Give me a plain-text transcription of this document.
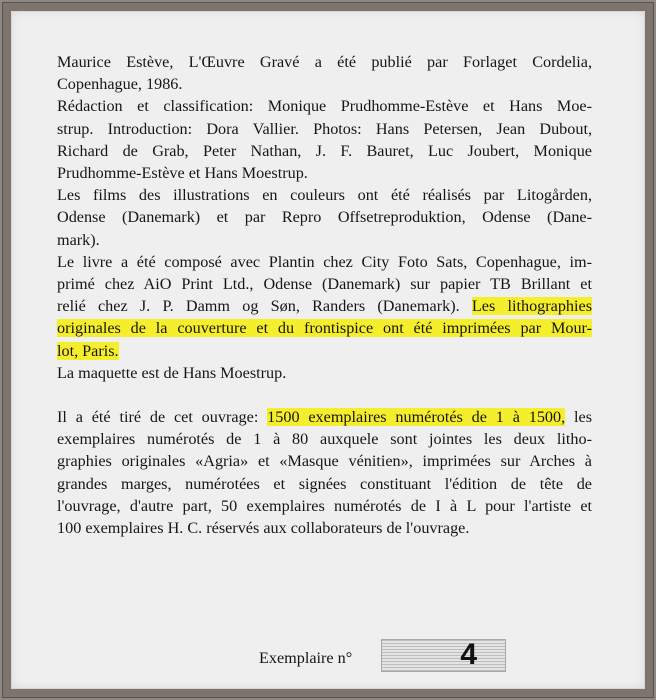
Maurice Estève, L'Œuvre Gravé a été publié par Forlaget Cordelia,
Copenhague, 1986.
Rédaction et classification: Monique Prudhomme-Estève et Hans Moe-
strup. Introduction: Dora Vallier. Photos: Hans Petersen, Jean Dubout,
Richard de Grab, Peter Nathan, J. F. Bauret, Luc Joubert, Monique
Prudhomme-Estève et Hans Moestrup.
Les films des illustrations en couleurs ont été réalisés par Litogården,
Odense (Danemark) et par Repro Offsetreproduktion, Odense (Dane-
mark).
Le livre a été composé avec Plantin chez City Foto Sats, Copenhague, im-
primé chez AiO Print Ltd., Odense (Danemark) sur papier TB Brillant et
relié chez J. P. Damm og Søn, Randers (Danemark). Les lithographies
originales de la couverture et du frontispice ont été imprimées par Mour-
lot, Paris.
La maquette est de Hans Moestrup.
Il a été tiré de cet ouvrage: 1500 exemplaires numérotés de 1 à 1500, les
exemplaires numérotés de 1 à 80 auxquele sont jointes les deux litho-
graphies originales «Agria» et «Masque vénitien», imprimées sur Arches à
grandes marges, numérotées et signées constituant l'édition de tête de
l'ouvrage, d'autre part, 50 exemplaires numérotés de I à L pour l'artiste et
100 exemplaires H. C. réservés aux collaborateurs de l'ouvrage.
Exemplaire n°	4
